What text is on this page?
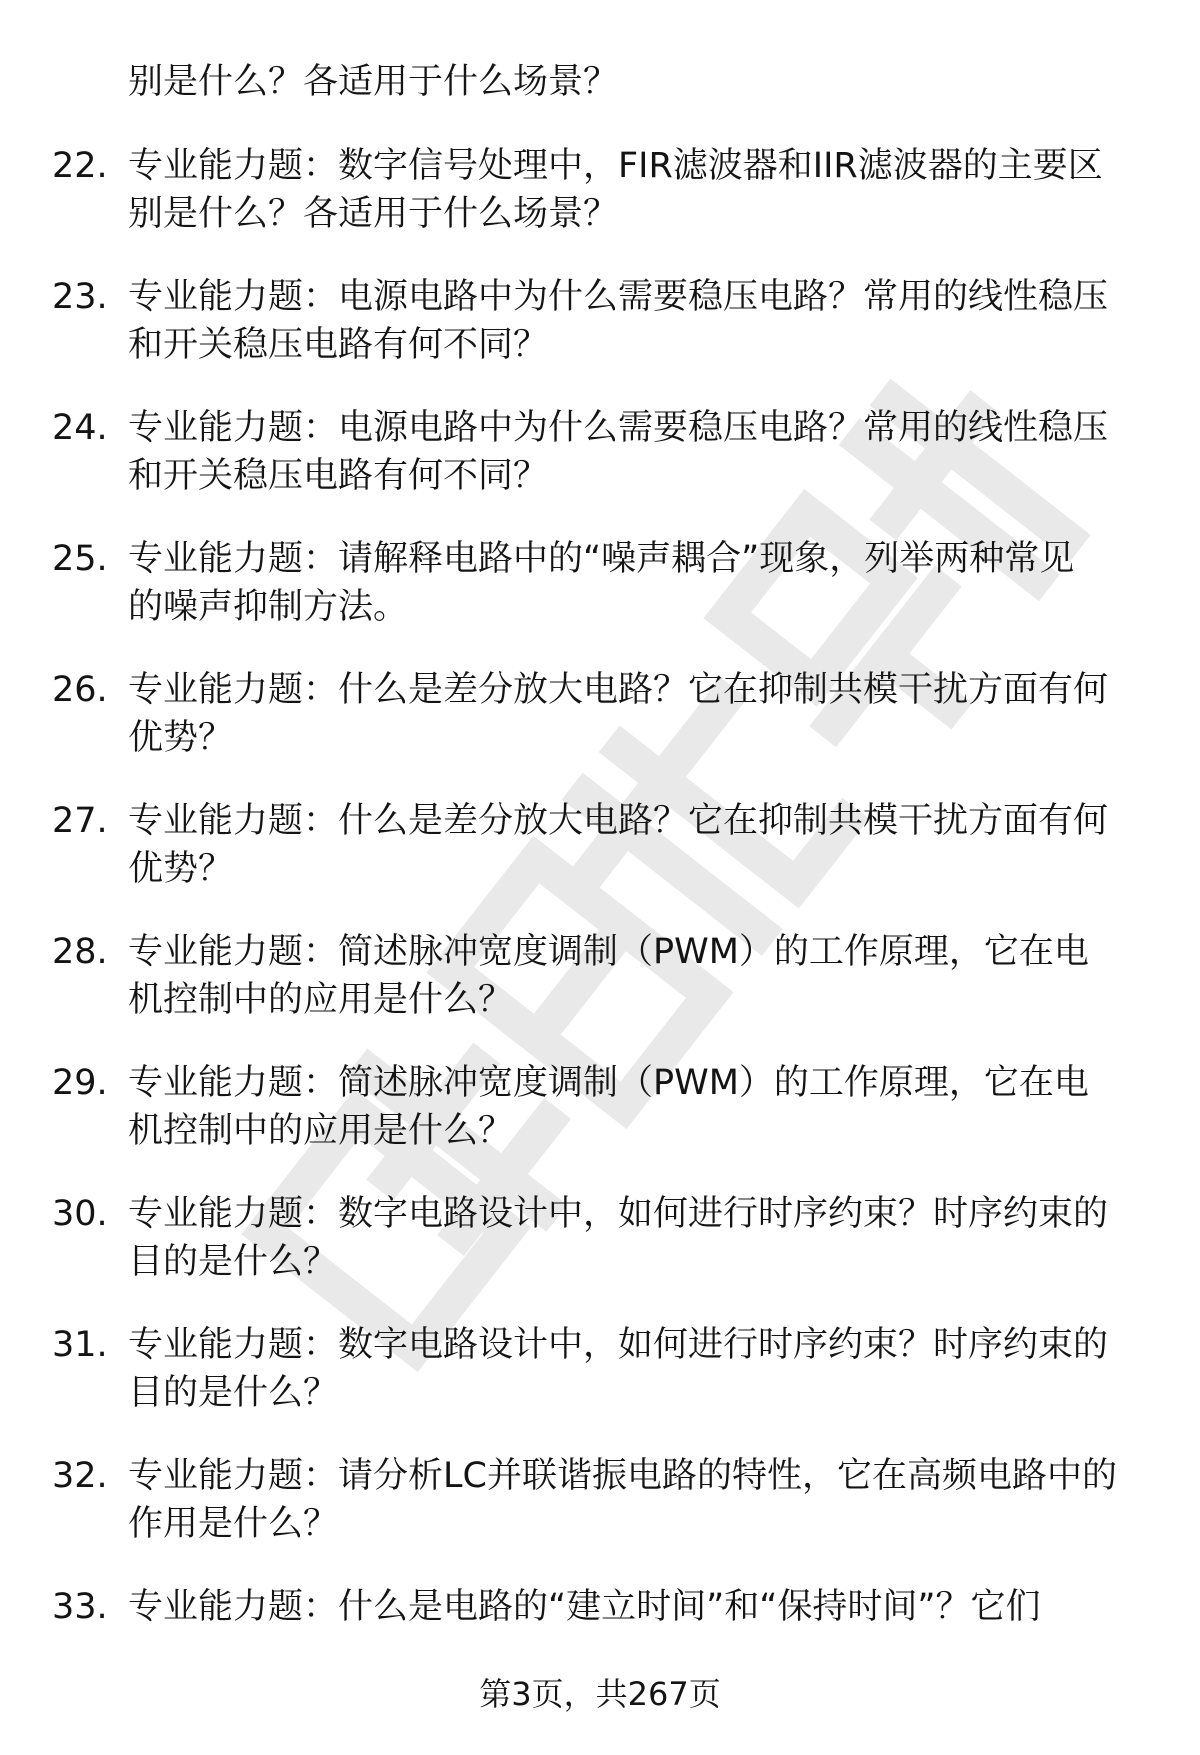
别是什么？各适用于什么场景？
22. 专业能力题：数字信号处理中，FIR滤波器和IIR滤波器的主要区
别是什么？各适用于什么场景？
23. 专业能力题：电源电路中为什么需要稳压电路？常用的线性稳压
和开关稳压电路有何不同？
24. 专业能力题：电源电路中为什么需要稳压电路？常用的线性稳压
和开关稳压电路有何不同？
25. 专业能力题：请解释电路中的“噪声耦合”现象，列举两种常见
的噪声抑制方法。
26. 专业能力题：什么是差分放大电路？它在抑制共模干扰方面有何
优势？
27. 专业能力题：什么是差分放大电路？它在抑制共模干扰方面有何
优势？
28. 专业能力题：简述脉冲宽度调制（PWM）的工作原理，它在电
机控制中的应用是什么？
29. 专业能力题：简述脉冲宽度调制（PWM）的工作原理，它在电
机控制中的应用是什么？
30. 专业能力题：数字电路设计中，如何进行时序约束？时序约束的
目的是什么？
31. 专业能力题：数字电路设计中，如何进行时序约束？时序约束的
目的是什么？
32. 专业能力题：请分析LC并联谐振电路的特性，它在高频电路中的
作用是什么？
33. 专业能力题：什么是电路的“建立时间”和“保持时间”？它们
第3页，共267页
